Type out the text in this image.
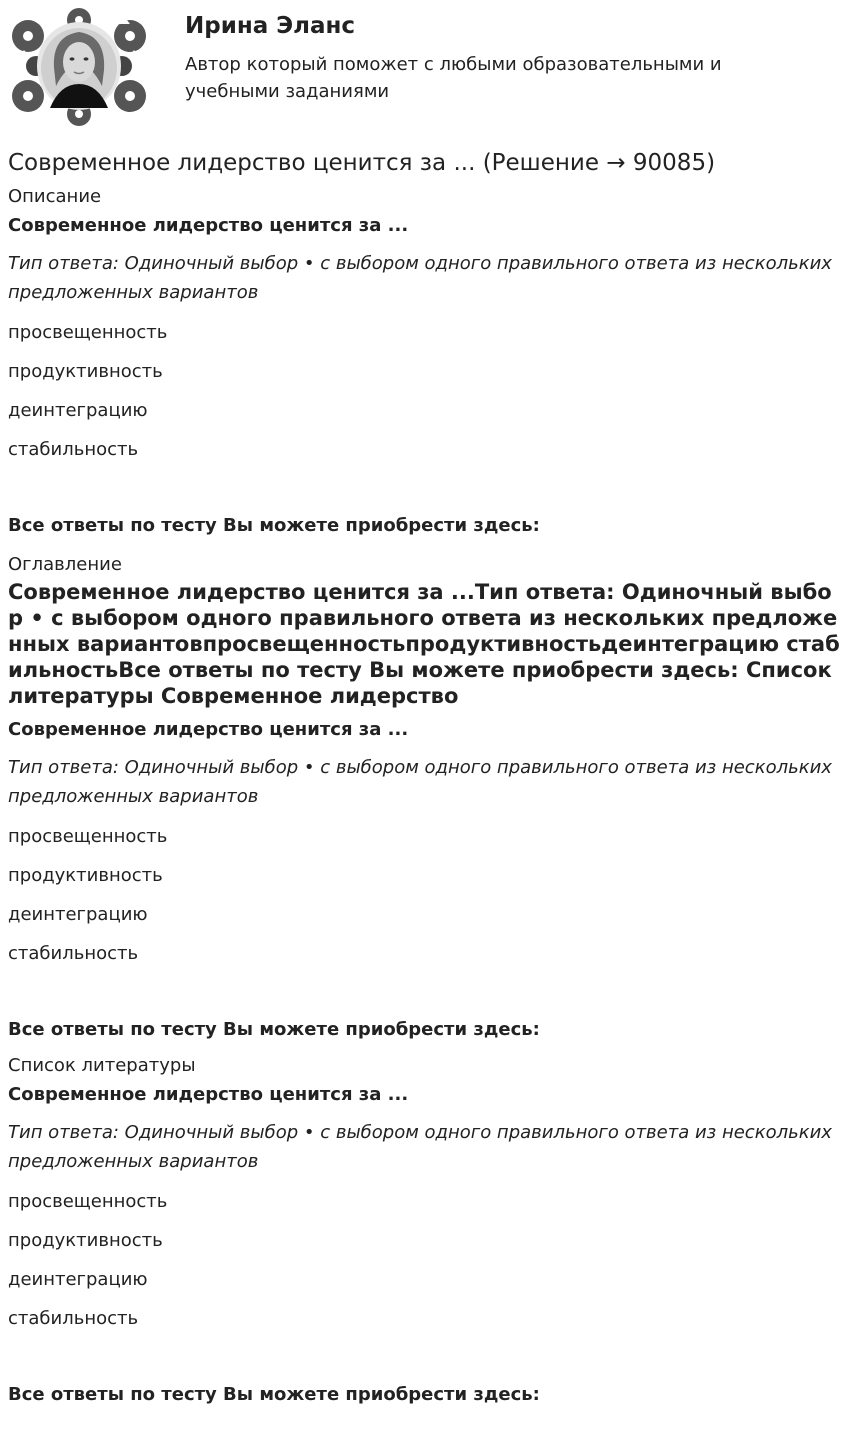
Ирина Эланс
Автор который поможет с любыми образовательными и учебными заданиями
Современное лидерство ценится за ... (Решение → 90085)

Описание

Современное лидерство ценится за ...

Тип ответа: Одиночный выбор • с выбором одного правильного ответа из нескольких предложенных вариантов

просвещенность

продуктивность

деинтеграцию

стабильность

Все ответы по тесту Вы можете приобрести здесь:

Оглавление

Современное лидерство ценится за ...Тип ответа: Одиночный выбор • с выбором одного правильного ответа из нескольких предложенных вариантовпросвещенностьпродуктивностьдеинтеграцию стабильностьВсе ответы по тесту Вы можете приобрести здесь: Список литературы Современное лидерство

Современное лидерство ценится за ...

Тип ответа: Одиночный выбор • с выбором одного правильного ответа из нескольких предложенных вариантов

просвещенность

продуктивность

деинтеграцию

стабильность

Все ответы по тесту Вы можете приобрести здесь:

Список литературы

Современное лидерство ценится за ...

Тип ответа: Одиночный выбор • с выбором одного правильного ответа из нескольких предложенных вариантов

просвещенность

продуктивность

деинтеграцию

стабильность

Все ответы по тесту Вы можете приобрести здесь:
